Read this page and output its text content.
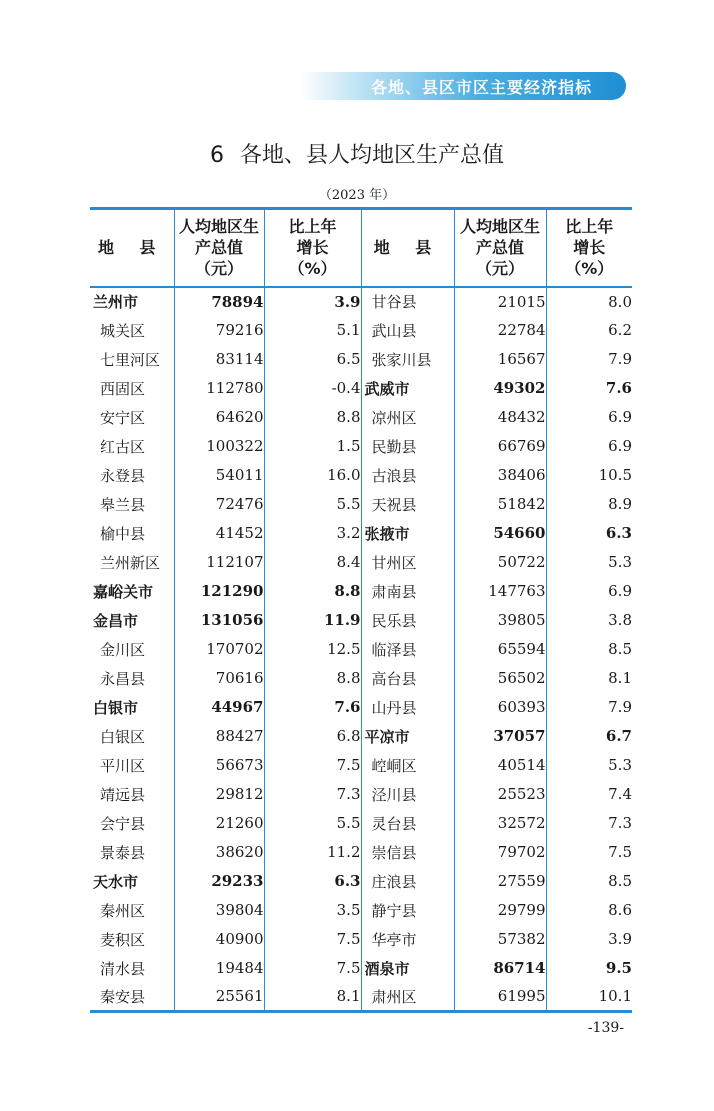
各地、县区市区主要经济指标
6 各地、县人均地区生产总值
（2023 年）
地 县	人均地区生
产总值
（元）	比上年
增长
（%）	地 县	人均地区生
产总值
（元）	比上年
增长
（%）
兰州市	78894	3.9	甘谷县	21015	8.0
城关区	79216	5.1	武山县	22784	6.2
七里河区	83114	6.5	张家川县	16567	7.9
西固区	112780	-0.4	武威市	49302	7.6
安宁区	64620	8.8	凉州区	48432	6.9
红古区	100322	1.5	民勤县	66769	6.9
永登县	54011	16.0	古浪县	38406	10.5
皋兰县	72476	5.5	天祝县	51842	8.9
榆中县	41452	3.2	张掖市	54660	6.3
兰州新区	112107	8.4	甘州区	50722	5.3
嘉峪关市	121290	8.8	肃南县	147763	6.9
金昌市	131056	11.9	民乐县	39805	3.8
金川区	170702	12.5	临泽县	65594	8.5
永昌县	70616	8.8	高台县	56502	8.1
白银市	44967	7.6	山丹县	60393	7.9
白银区	88427	6.8	平凉市	37057	6.7
平川区	56673	7.5	崆峒区	40514	5.3
靖远县	29812	7.3	泾川县	25523	7.4
会宁县	21260	5.5	灵台县	32572	7.3
景泰县	38620	11.2	崇信县	79702	7.5
天水市	29233	6.3	庄浪县	27559	8.5
秦州区	39804	3.5	静宁县	29799	8.6
麦积区	40900	7.5	华亭市	57382	3.9
清水县	19484	7.5	酒泉市	86714	9.5
秦安县	25561	8.1	肃州区	61995	10.1
-139-
